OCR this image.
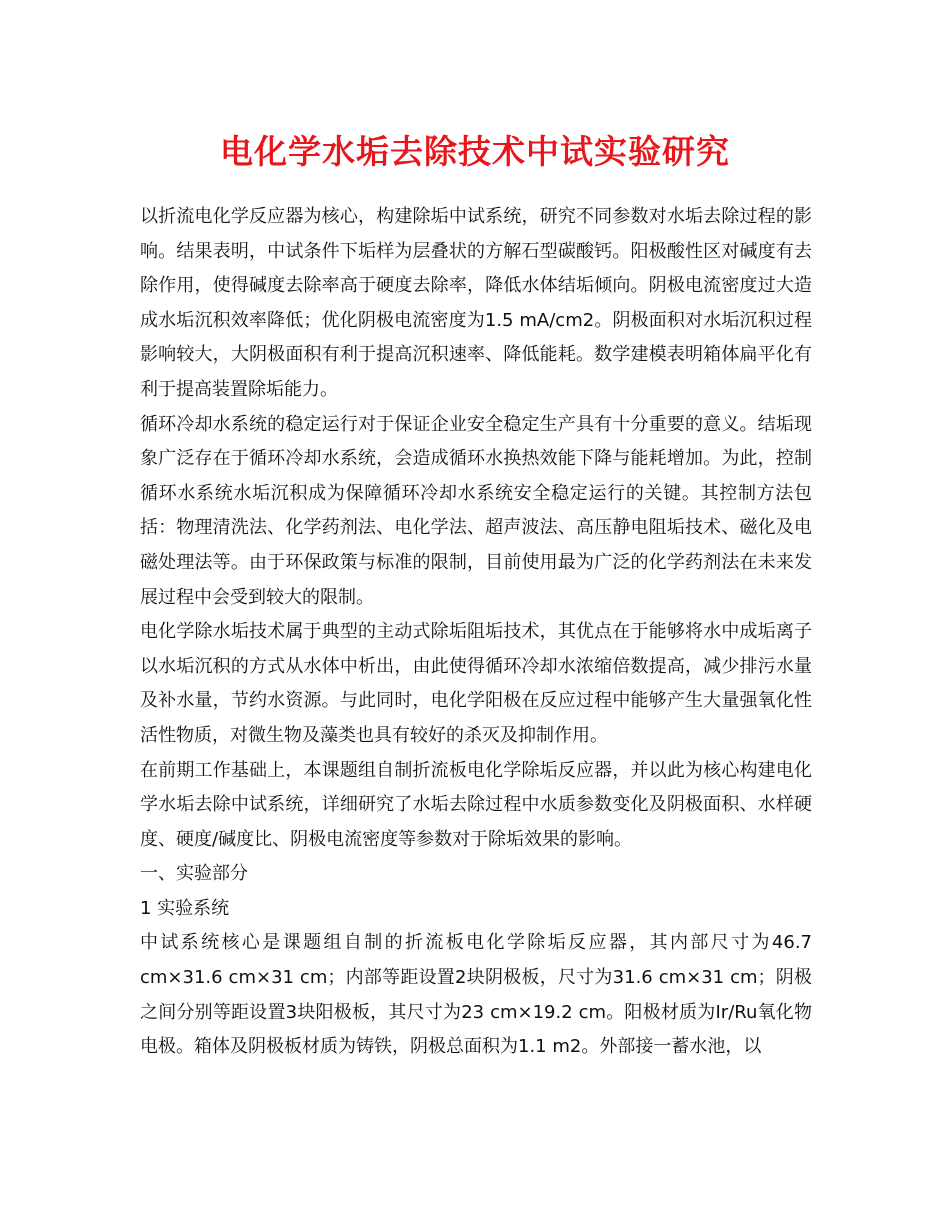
电化学水垢去除技术中试实验研究

以折流电化学反应器为核心，构建除垢中试系统，研究不同参数对水垢去除过程的影响。结果表明，中试条件下垢样为层叠状的方解石型碳酸钙。阳极酸性区对碱度有去除作用，使得碱度去除率高于硬度去除率，降低水体结垢倾向。阴极电流密度过大造成水垢沉积效率降低；优化阴极电流密度为1.5 mA/cm2。阴极面积对水垢沉积过程影响较大，大阴极面积有利于提高沉积速率、降低能耗。数学建模表明箱体扁平化有利于提高装置除垢能力。

循环冷却水系统的稳定运行对于保证企业安全稳定生产具有十分重要的意义。结垢现象广泛存在于循环冷却水系统，会造成循环水换热效能下降与能耗增加。为此，控制循环水系统水垢沉积成为保障循环冷却水系统安全稳定运行的关键。其控制方法包括：物理清洗法、化学药剂法、电化学法、超声波法、高压静电阻垢技术、磁化及电磁处理法等。由于环保政策与标准的限制，目前使用最为广泛的化学药剂法在未来发展过程中会受到较大的限制。

电化学除水垢技术属于典型的主动式除垢阻垢技术，其优点在于能够将水中成垢离子以水垢沉积的方式从水体中析出，由此使得循环冷却水浓缩倍数提高，减少排污水量及补水量，节约水资源。与此同时，电化学阳极在反应过程中能够产生大量强氧化性活性物质，对微生物及藻类也具有较好的杀灭及抑制作用。

在前期工作基础上，本课题组自制折流板电化学除垢反应器，并以此为核心构建电化学水垢去除中试系统，详细研究了水垢去除过程中水质参数变化及阴极面积、水样硬度、硬度/碱度比、阴极电流密度等参数对于除垢效果的影响。

一、实验部分

1 实验系统

中试系统核心是课题组自制的折流板电化学除垢反应器，其内部尺寸为46.7 cm×31.6 cm×31 cm；内部等距设置2块阴极板，尺寸为31.6 cm×31 cm；阴极之间分别等距设置3块阳极板，其尺寸为23 cm×19.2 cm。阳极材质为Ir/Ru氧化物电极。箱体及阴极板材质为铸铁，阴极总面积为1.1 m2。外部接一蓄水池，以
